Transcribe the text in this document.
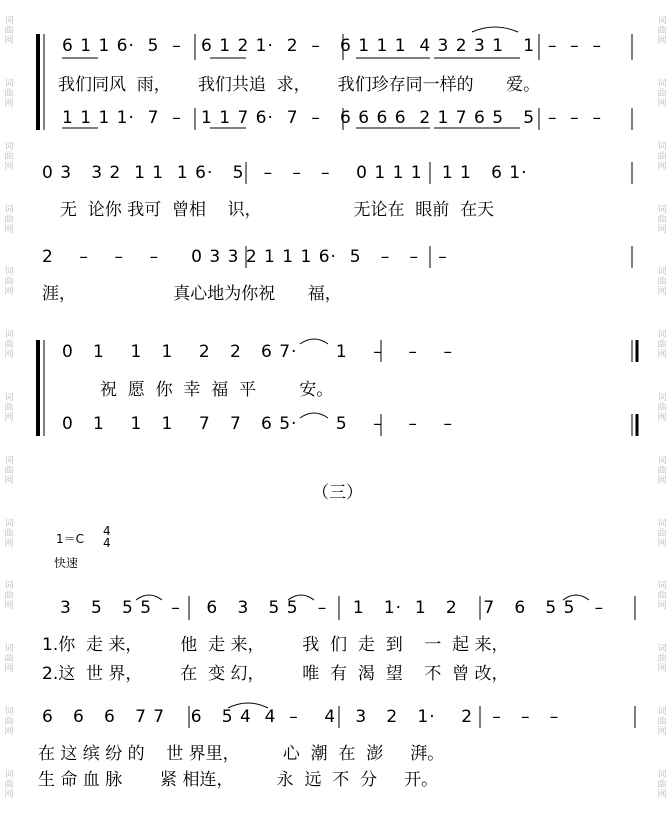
词曲网
词曲网
词曲网
词曲网
词曲网
词曲网
词曲网
词曲网
词曲网
词曲网
词曲网
词曲网
词曲网
词曲网
词曲网
词曲网
词曲网
词曲网
词曲网
词曲网
词曲网
词曲网
词曲网
词曲网
词曲网
词曲网
6 1 1 6·  5  –   6 1 2 1·  2  –   6 1 1 1  4 3 2 3 1   1  –  –  –
我们同风  雨，     我们共追  求，     我们珍存同一样的      爱。
1 1 1 1·  7  –   1 1 7 6·  7  –   6 6 6 6  2 1 7 6 5   5  –  –  –
0 3   3 2  1 1  1 6·   5   –   –   –    0 1 1 1   1 1   6 1·
无  论你 我可  曾相    识，                 无论在  眼前  在天
2    –    –    –     0 3 3 2 1 1 1 6·  5   –   –   –
涯，                  真心地为你祝      福，
0   1    1   1    2   2   6 7·      1    –    –    –
祝  愿  你  幸  福  平        安。
0   1    1   1    7   7   6 5·      5    –    –    –
（三）
1＝C
4
4
快速
3   5   5 5   –    6   3   5 5   –    1   1·  1   2    7   6   5 5   –
1.你  走 来，       他  走 来，       我  们  走  到    一  起 来，
2.这  世 界，       在  变 幻，       唯  有  渴  望    不  曾 改，
6   6   6   7 7    6   5 4  4  –    4   3   2   1·    2   –   –   –
在 这 缤 纷 的    世 界里，        心  潮  在  澎     湃。
生 命 血 脉       紧 相连，        永  远  不  分     开。
